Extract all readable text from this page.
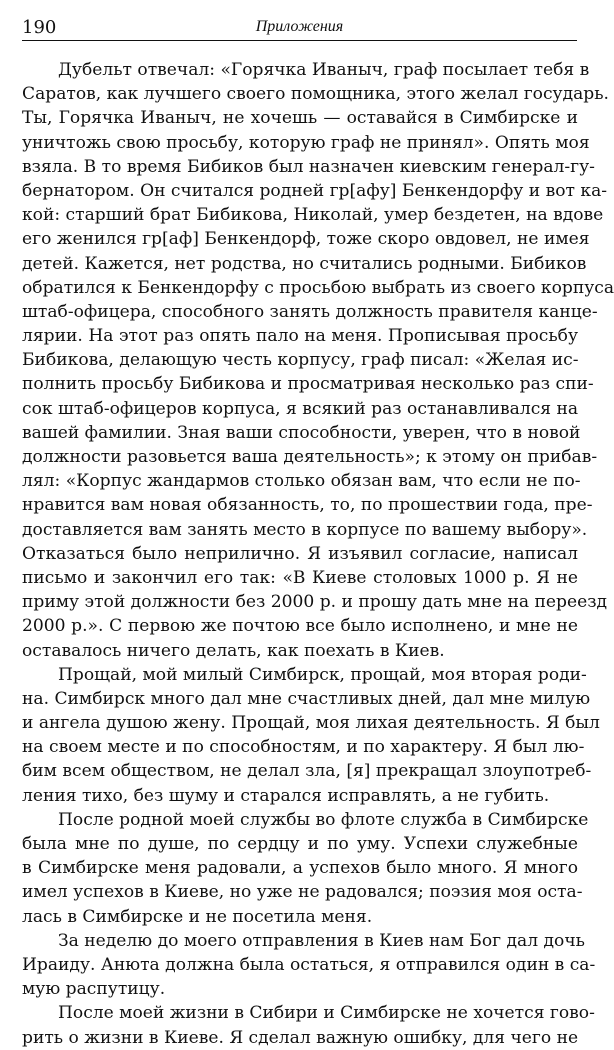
190	Приложения
Дубельт отвечал: «Горячка Иваныч, граф посылает тебя в
Саратов, как лучшего своего помощника, этого желал государь.
Ты, Горячка Иваныч, не хочешь — оставайся в Симбирске и
уничтожь свою просьбу, которую граф не принял». Опять моя
взяла. В то время Бибиков был назначен киевским генерал-гу-
бернатором. Он считался родней гр[афу] Бенкендорфу и вот ка-
кой: старший брат Бибикова, Николай, умер бездетен, на вдове
его женился гр[аф] Бенкендорф, тоже скоро овдовел, не имея
детей. Кажется, нет родства, но считались родными. Бибиков
обратился к Бенкендорфу с просьбою выбрать из своего корпуса
штаб-офицера, способного занять должность правителя канце-
лярии. На этот раз опять пало на меня. Прописывая просьбу
Бибикова, делающую честь корпусу, граф писал: «Желая ис-
полнить просьбу Бибикова и просматривая несколько раз спи-
сок штаб-офицеров корпуса, я всякий раз останавливался на
вашей фамилии. Зная ваши способности, уверен, что в новой
должности разовьется ваша деятельность»; к этому он прибав-
лял: «Корпус жандармов столько обязан вам, что если не по-
нравится вам новая обязанность, то, по прошествии года, пре-
доставляется вам занять место в корпусе по вашему выбору».
Отказаться было неприлично. Я изъявил согласие, написал
письмо и закончил его так: «В Киеве столовых 1000 р. Я не
приму этой должности без 2000 р. и прошу дать мне на переезд
2000 р.». С первою же почтою все было исполнено, и мне не
оставалось ничего делать, как поехать в Киев.
Прощай, мой милый Симбирск, прощай, моя вторая роди-
на. Симбирск много дал мне счастливых дней, дал мне милую
и ангела душою жену. Прощай, моя лихая деятельность. Я был
на своем месте и по способностям, и по характеру. Я был лю-
бим всем обществом, не делал зла, [я] прекращал злоупотреб-
ления тихо, без шуму и старался исправлять, а не губить.
После родной моей службы во флоте служба в Симбирске
была мне по душе, по сердцу и по уму. Успехи служебные
в Симбирске меня радовали, а успехов было много. Я много
имел успехов в Киеве, но уже не радовался; поэзия моя оста-
лась в Симбирске и не посетила меня.
За неделю до моего отправления в Киев нам Бог дал дочь
Ираиду. Анюта должна была остаться, я отправился один в са-
мую распутицу.
После моей жизни в Сибири и Симбирске не хочется гово-
рить о жизни в Киеве. Я сделал важную ошибку, для чего не
